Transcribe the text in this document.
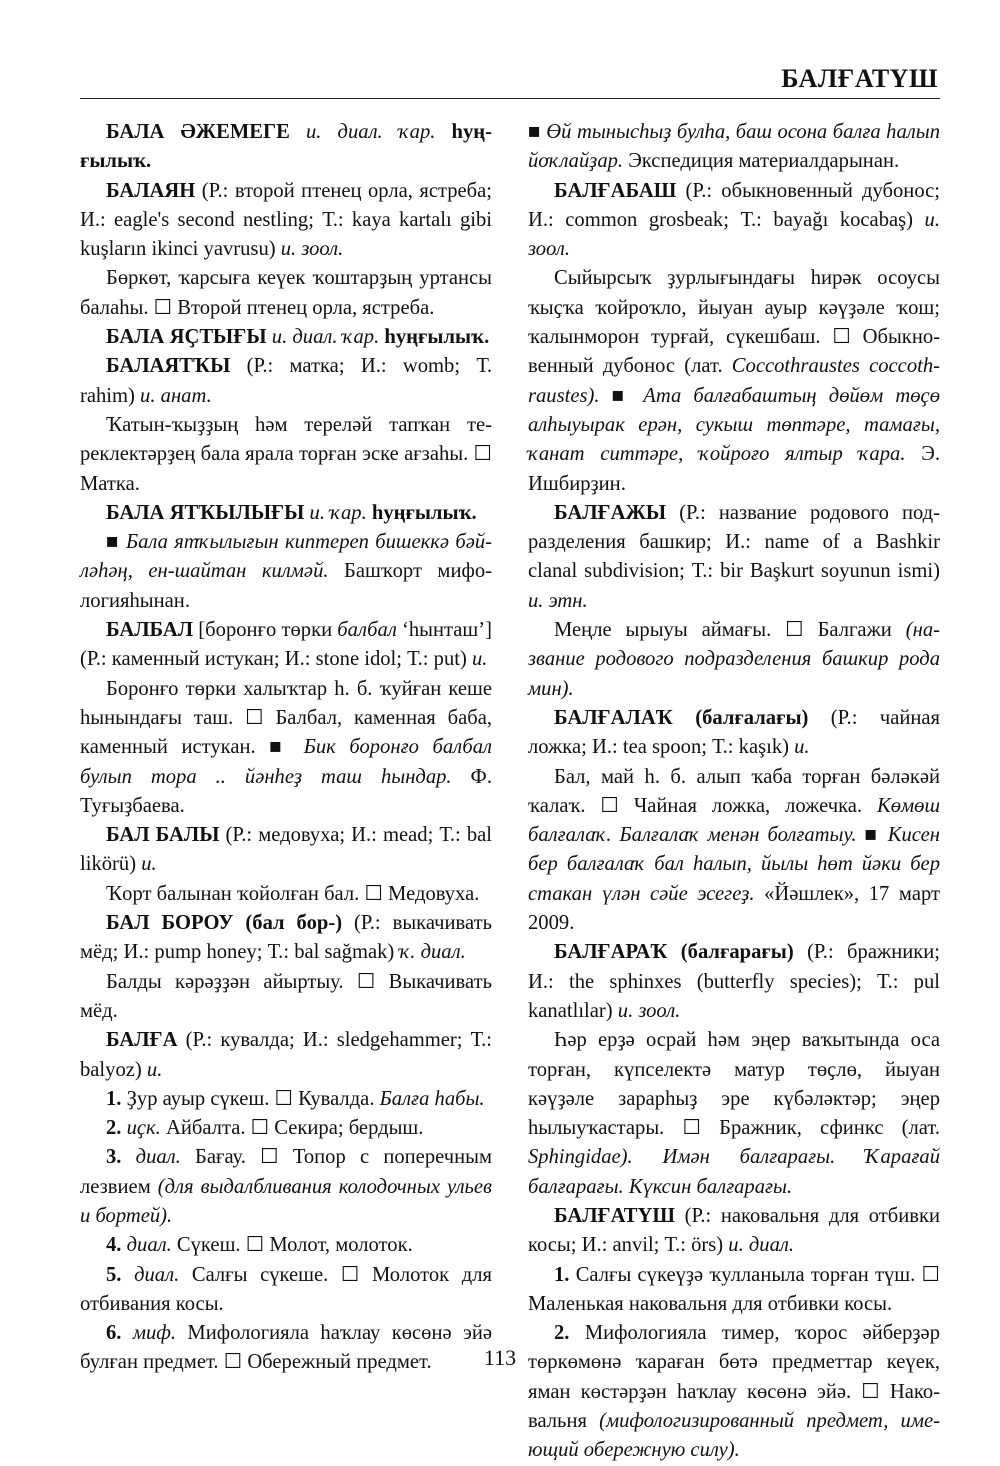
БАЛҒАТҮШ

БАЛА ӘЖЕМЕГЕ и. диал. ҡар. һуңғылыҡ.

БАЛАЯН (Р.: второй птенец орла, ястреба; И.: eagle's second nestling; Т.: kaya kartalı gibi kuşların ikinci yavrusu) и. зоол.

Бөркөт, ҡарсыға кеүек ҡоштарҙың уртансы балаһы. ☐ Второй птенец орла, ястреба.

БАЛА ЯҪТЫҒЫ и. диал. ҡар. һуңғылыҡ.

БАЛАЯТҠЫ (Р.: матка; И.: womb; Т. rahim) и. анат.

Ҡатын-ҡыҙҙың һәм тереләй тапҡан тереклектәрҙең бала ярала торған эске ағзаһы. ☐ Матка.

БАЛА ЯТҠЫЛЫҒЫ и. ҡар. һуңғылыҡ.

■ Бала ятҡылығын киптереп бишеккә бәйләһәң, ен-шайтан килмәй. Башҡорт мифологияһынан.

БАЛБАЛ [боронғо төрки балбал ‘һынташ’] (Р.: каменный истукан; И.: stone idol; Т.: put) и.

Боронғо төрки халыҡтар һ. б. ҡуйған кеше һынындағы таш. ☐ Балбал, каменная баба, каменный истукан. ■ Бик боронғо балбал булып тора .. йәнһеҙ таш һындар. Ф. Туғыҙбаева.

БАЛ БАЛЫ (Р.: медовуха; И.: mead; Т.: bal likörü) и.

Ҡорт балынан ҡойолған бал. ☐ Медовуха.

БАЛ БОРОУ (бал бор-) (Р.: выкачивать мёд; И.: pump honey; Т.: bal sağmak) ҡ. диал.

Балды кәрәҙҙән айыртыу. ☐ Выкачивать мёд.

БАЛҒА (Р.: кувалда; И.: sledgehammer; Т.: balyoz) и.

1. Ҙур ауыр сүкеш. ☐ Кувалда. Балға һабы.

2. иҫк. Айбалта. ☐ Секира; бердыш.

3. диал. Бағау. ☐ Топор с поперечным лезвием (для выдалбливания колодочных ульев и бортей).

4. диал. Сүкеш. ☐ Молот, молоток.

5. диал. Салғы сүкеше. ☐ Молоток для отбивания косы.

6. миф. Мифологияла һаҡлау көсөнә эйә булған предмет. ☐ Обережный предмет.

■ Өй тынысһыҙ булһа, баш осона балға һалып йоҡлайҙар. Экспедиция материалдарынан.

БАЛҒАБАШ (Р.: обыкновенный дубонос; И.: common grosbeak; Т.: bayağı kocabaş) и. зоол.

Сыйырсыҡ ҙурлығындағы һирәк осоусы ҡыҫҡа ҡойроҡло, йыуан ауыр кәүҙәле ҡош; ҡалынморон турғай, сүкешбаш. ☐ Обыкновенный дубонос (лат. Coccothraustes coccothraustes). ■ Ата балғабаштың дөйөм төҫө алһыуырак ерән, сукыш төптәре, тамағы, ҡанат ситтәре, ҡойроғо ялтыр ҡара. Э. Ишбирҙин.

БАЛҒАЖЫ (Р.: название родового подразделения башкир; И.: name of a Bashkir clanal subdivision; Т.: bir Başkurt soyunun ismi) и. этн.

Меңле ырыуы аймағы. ☐ Балгажи (название родового подразделения башкир рода мин).

БАЛҒАЛАҠ (балғалағы) (Р.: чайная ложка; И.: tea spoon; Т.: kaşık) и.

Бал, май һ. б. алып ҡаба торған бәләкәй ҡалаҡ. ☐ Чайная ложка, ложечка. Көмөш балғалаҡ. Балғалаҡ менән болғатыу. ■ Кисен бер балғалаҡ бал һалып, йылы һөт йәки бер стакан үлән сәйе эсегеҙ. «Йәшлек», 17 март 2009.

БАЛҒАРАҠ (балғарағы) (Р.: бражники; И.: the sphinxes (butterfly species); Т.: pul kanatlılar) и. зоол.

Һәр ерҙә осрай һәм эңер ваҡытында оса торған, күпселектә матур төҫлө, йыуан кәүҙәле зарарһыҙ эре күбәләктәр; эңер һылыуҡастары. ☐ Бражник, сфинкс (лат. Sphingidae). Имән балғарағы. Ҡарағай балғарағы. Күксин балғарағы.

БАЛҒАТҮШ (Р.: наковальня для отбивки косы; И.: anvil; Т.: örs) и. диал.

1. Салғы сүкеүҙә ҡулланыла торған түш. ☐ Маленькая наковальня для отбивки косы.

2. Мифологияла тимер, ҡорос әйберҙәр төркөмөнә ҡараған бөтә предметтар кеүек, яман көстәрҙән һаҡлау көсөнә эйә. ☐ Наковальня (мифологизированный предмет, имеющий обережную силу).

113
